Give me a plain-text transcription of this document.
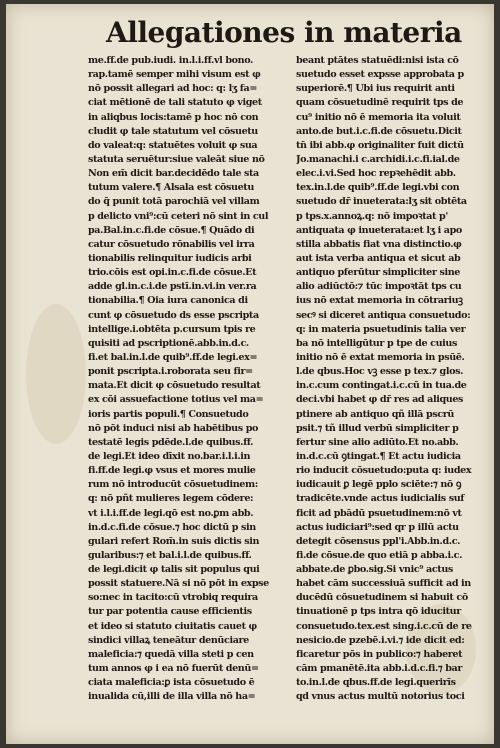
Allegationes in materia
me.ff.de pub.iudi. in.l.i.ff.vl bono.
rap.tamē semper mihi visum est φ
nō possit allegari ad hoc: q: lʒ fa=
ciat mētionē de tali statuto φ viget
in aliqbus locis:tamē p hoc nō con
cludit φ tale statutum vel cōsuetu
do valeat:q: statuētes voluit φ sua
statuta seruētur:siue valeāt siue nō
Non em̄ dicit bar.decidēdo tale sta
tutum valere.¶ Alsala est cōsuetu
do q̄ punit totā parochiā vel villam
p delicto vni⁹:cū ceteri nō sint in cul
pa.Bal.in.c.fi.de cōsue.¶ Quādo di
catur cōsuetudo rōnabilis vel irra
tionabilis relinquitur iudicis arbi
trio.cōis est opi.in.c.fi.de cōsue.Et
adde gl.in.c.i.de pstī.in.vi.in ver.ra
tionabilia.¶ Oia iura canonica di
cunt φ cōsuetudo ds esse pscripta
intellige.i.obtēta p.cursum tpis re
quisiti ad pscriptionē.abb.in.d.c.
fi.et bal.in.l.de quib⁹.ff.de legi.ex=
ponit pscripta.i.roborata seu fir=
mata.Et dicit φ cōsuetudo resultat
ex cōi assuefactione totius vel ma=
ioris partis populi.¶ Consuetudo
nō pōt induci nisi ab habētibus po
testatē legis pdēde.l.de quibus.ff.
de legi.Et ideo dīxit no.bar.i.l.i.in
fi.ff.de legi.φ vsus et mores mulie
rum nō introducūt cōsuetudinem:
q: nō pñt mulieres legem cōdere:
vt i.l.i.ff.de legi.qō est no.ꝑm abb.
in.d.c.fi.de cōsue.⁊ hoc dictū p sin
gulari refert Rom̄.in suis dictis sin
gularibus:⁊ et bal.i.l.de quibus.ff.
de legi.dicit φ talis sit populus qui
possit statuere.Nā si nō pōt in expse
so:nec in tacito:cū vtrobiq requira
tur par potentia cause efficientis
et ideo si statuto ciuitatis cauet φ
sindici villaꝝ teneātur denūciare
maleficia:⁊ quedā villa steti p cen
tum annos φ i ea nō fuerūt denū=
ciata maleficia:ꝑ ista cōsuetudo ē
inualida cū,illi de illa villa nō ha=
beant ptātes statuēdi:nisi ista cō
suetudo esset expsse approbata p
superiorē.¶ Ubi ius requirit anti
quam cōsuetudinē requirit tps de
cu⁹ initio nō ē memoria ita voluit
anto.de but.i.c.fi.de cōsuetu.Dicit
tn̄ ibi abb.φ originaliter fuit dictū
Jo.manachi.i c.archidi.i.c.fi.ial.de
elec.i.vi.Sed hoc repꝛehēdit abb.
tex.in.l.de quib⁹.ff.de legi.vbi con
suetudo dr̄ inueterata:lʒ sit obtēta
p tps.x.annoꝝ.q: nō impoꝛtat p'
antiquata φ inueterata:et lʒ i apo
stilla abbatis fiat vna distinctio.φ
aut ista verba antiqua et sicut ab
antiquo pferūtur simpliciter sine
alio adiūctō:⁊ tūc impoꝛtāt tps cu
ius nō extat memoria in cōtrariuꝫ
secꝰ si diceret antiqua consuetudo:
q: in materia psuetudinis talia ver
ba nō intelligūtur p tpe de cuius
initio nō ē extat memoria in psūē.
l.de qbus.Hoc vꝫ esse p tex.⁊ glos.
in.c.cum contingat.i.c.cū in tua.de
deci.vbi habet φ dr̄ res ad aliques
ptinere ab antiquo qñ illā pscrū
psit.⁊ tñ illud verbū simpliciter p
fertur sine alio adiūto.Et no.abb.
in.d.c.cū ꝯtingat.¶ Et actu iudicia
rio inducit cōsuetudo:puta q: iudex
iudicauit ꝑ legē pplo sciēte:⁊ nō ꝯ
tradicēte.vnde actus iudicialis suf
ficit ad pbādū psuetudinem:nō vt
actus iudiciari⁹:sed qr p illū actu
detegit cōsensus ppl'i.Abb.in.d.c.
fi.de cōsue.de quo etiā p abba.i.c.
abbate.de ꝑbo.sig.Si vnic⁹ actus
habet cām successiuā sufficit ad in
ducēdū cōsuetudinem si habuit cō
tinuationē p tps intra qō iducitur
consuetudo.tex.est sing.i.c.cū de re
nesicio.de pzebē.i.vi.⁊ ide dicit ed:
ficaretur pōs in publico:⁊ haberet
cām pmanētē.ita abb.i.d.c.fi.⁊ bar
to.in.l.de qbus.ff.de legi.querirīs
qd vnus actus multū notorius toci
